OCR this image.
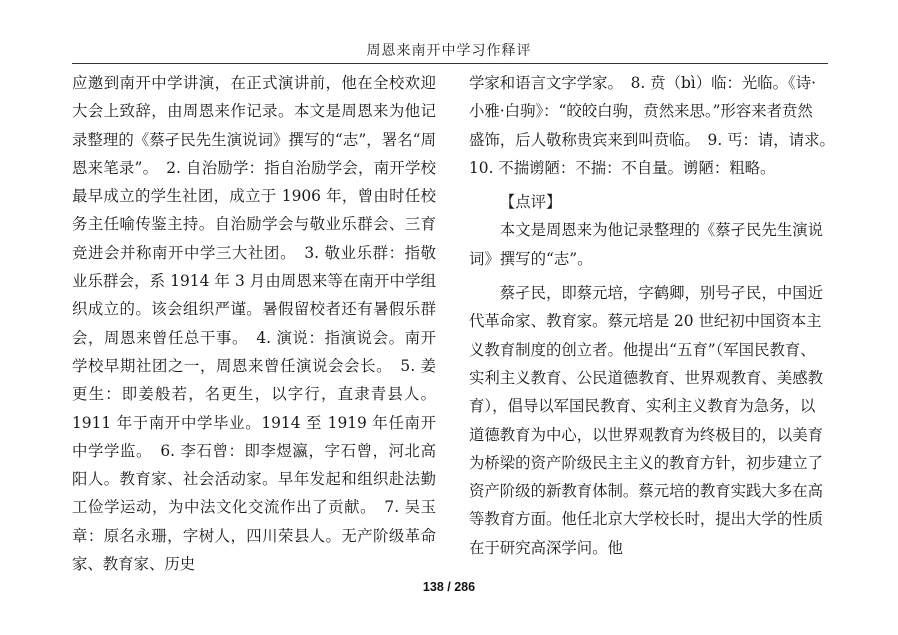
周恩来南开中学习作释评

应邀到南开中学讲演，在正式演讲前，他在全校欢迎大会上致辞，由周恩来作记录。本文是周恩来为他记录整理的《蔡孑民先生演说词》撰写的“志”，署名“周恩来笔录”。　2. 自治励学：指自治励学会，南开学校最早成立的学生社团，成立于 1906 年，曾由时任校务主任喻传鉴主持。自治励学会与敬业乐群会、三育竞进会并称南开中学三大社团。　3. 敬业乐群：指敬业乐群会，系 1914 年 3 月由周恩来等在南开中学组织成立的。该会组织严谨。暑假留校者还有暑假乐群会，周恩来曾任总干事。　4. 演说：指演说会。南开学校早期社团之一，周恩来曾任演说会会长。　5. 姜更生：即姜般若，名更生，以字行，直隶青县人。1911 年于南开中学毕业。1914 至 1919 年任南开中学学监。　6. 李石曾：即李煜瀛，字石曾，河北高阳人。教育家、社会活动家。早年发起和组织赴法勤工俭学运动，为中法文化交流作出了贡献。　7. 吴玉章：原名永珊，字树人，四川荣县人。无产阶级革命家、教育家、历史

学家和语言文字学家。　8. 贲（bì）临：光临。《诗·小雅·白驹》：“皎皎白驹，贲然来思。”形容来者贲然盛饰，后人敬称贵宾来到叫贲临。　9. 丐：请，请求。　10. 不揣谫陋：不揣：不自量。谫陋：粗略。

【点评】

本文是周恩来为他记录整理的《蔡孑民先生演说词》撰写的“志”。

蔡孑民，即蔡元培，字鹤卿，别号孑民，中国近代革命家、教育家。蔡元培是 20 世纪初中国资本主义教育制度的创立者。他提出“五育”（军国民教育、实利主义教育、公民道德教育、世界观教育、美感教育），倡导以军国民教育、实利主义教育为急务，以道德教育为中心，以世界观教育为终极目的，以美育为桥梁的资产阶级民主主义的教育方针，初步建立了资产阶级的新教育体制。蔡元培的教育实践大多在高等教育方面。他任北京大学校长时，提出大学的性质在于研究高深学问。他

138 / 286
